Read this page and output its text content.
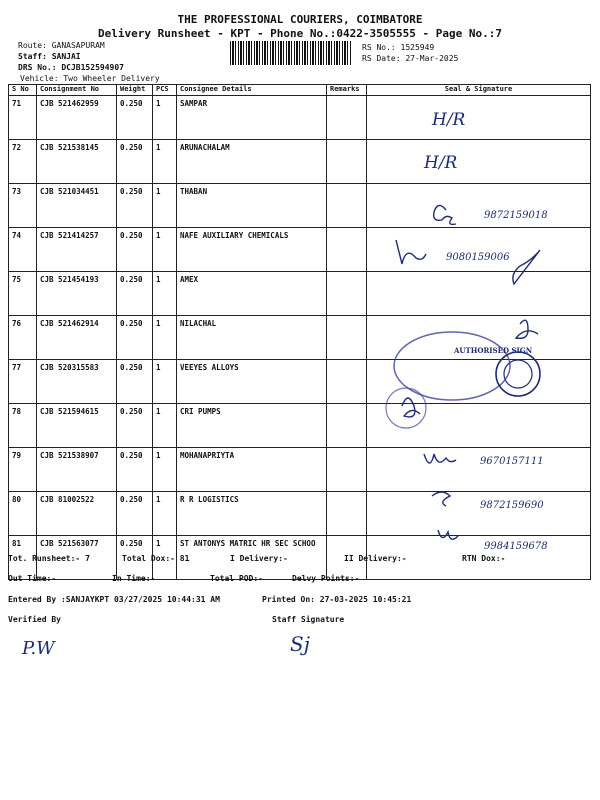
THE PROFESSIONAL COURIERS, COIMBATORE
Delivery Runsheet - KPT - Phone No.:0422-3505555 - Page No.:7
Route: GANASAPURAM
Staff: SANJAI
DRS No.: DCJB152594907
Vehicle: Two Wheeler Delivery
RS No.: 1525949
RS Date: 27-Mar-2025
S No	Consignment No	Weight	PCS	Consignee Details	Remarks	Seal & Signature
71	CJB 521462959	0.250	1	SAMPAR		
72	CJB 521538145	0.250	1	ARUNACHALAM		
73	CJB 521034451	0.250	1	THABAN		
74	CJB 521414257	0.250	1	NAFE AUXILIARY CHEMICALS		
75	CJB 521454193	0.250	1	AMEX		
76	CJB 521462914	0.250	1	NILACHAL		
77	CJB 520315583	0.250	1	VEEYES ALLOYS		
78	CJB 521594615	0.250	1	CRI PUMPS		
79	CJB 521538907	0.250	1	MOHANAPRIYTA		
80	CJB 81002522	0.250	1	R R LOGISTICS		
81	CJB 521563077	0.250	1	ST ANTONYS MATRIC HR SEC SCHOO		
H/R
H/R
9872159018
9080159006
9670157111
9872159690
9984159678
AUTHORISED SIGN
Tot. Runsheet:- 7	Total Dox:- 81	I Delivery:-	II Delivery:-	RTN Dox:-
Out Time:-	In Time:-	Total POD:-	Delvy Points:-
Entered By :SANJAYKPT 03/27/2025 10:44:31 AM	Printed On: 27-03-2025 10:45:21
Verified By	Staff Signature
P.W	Sj
